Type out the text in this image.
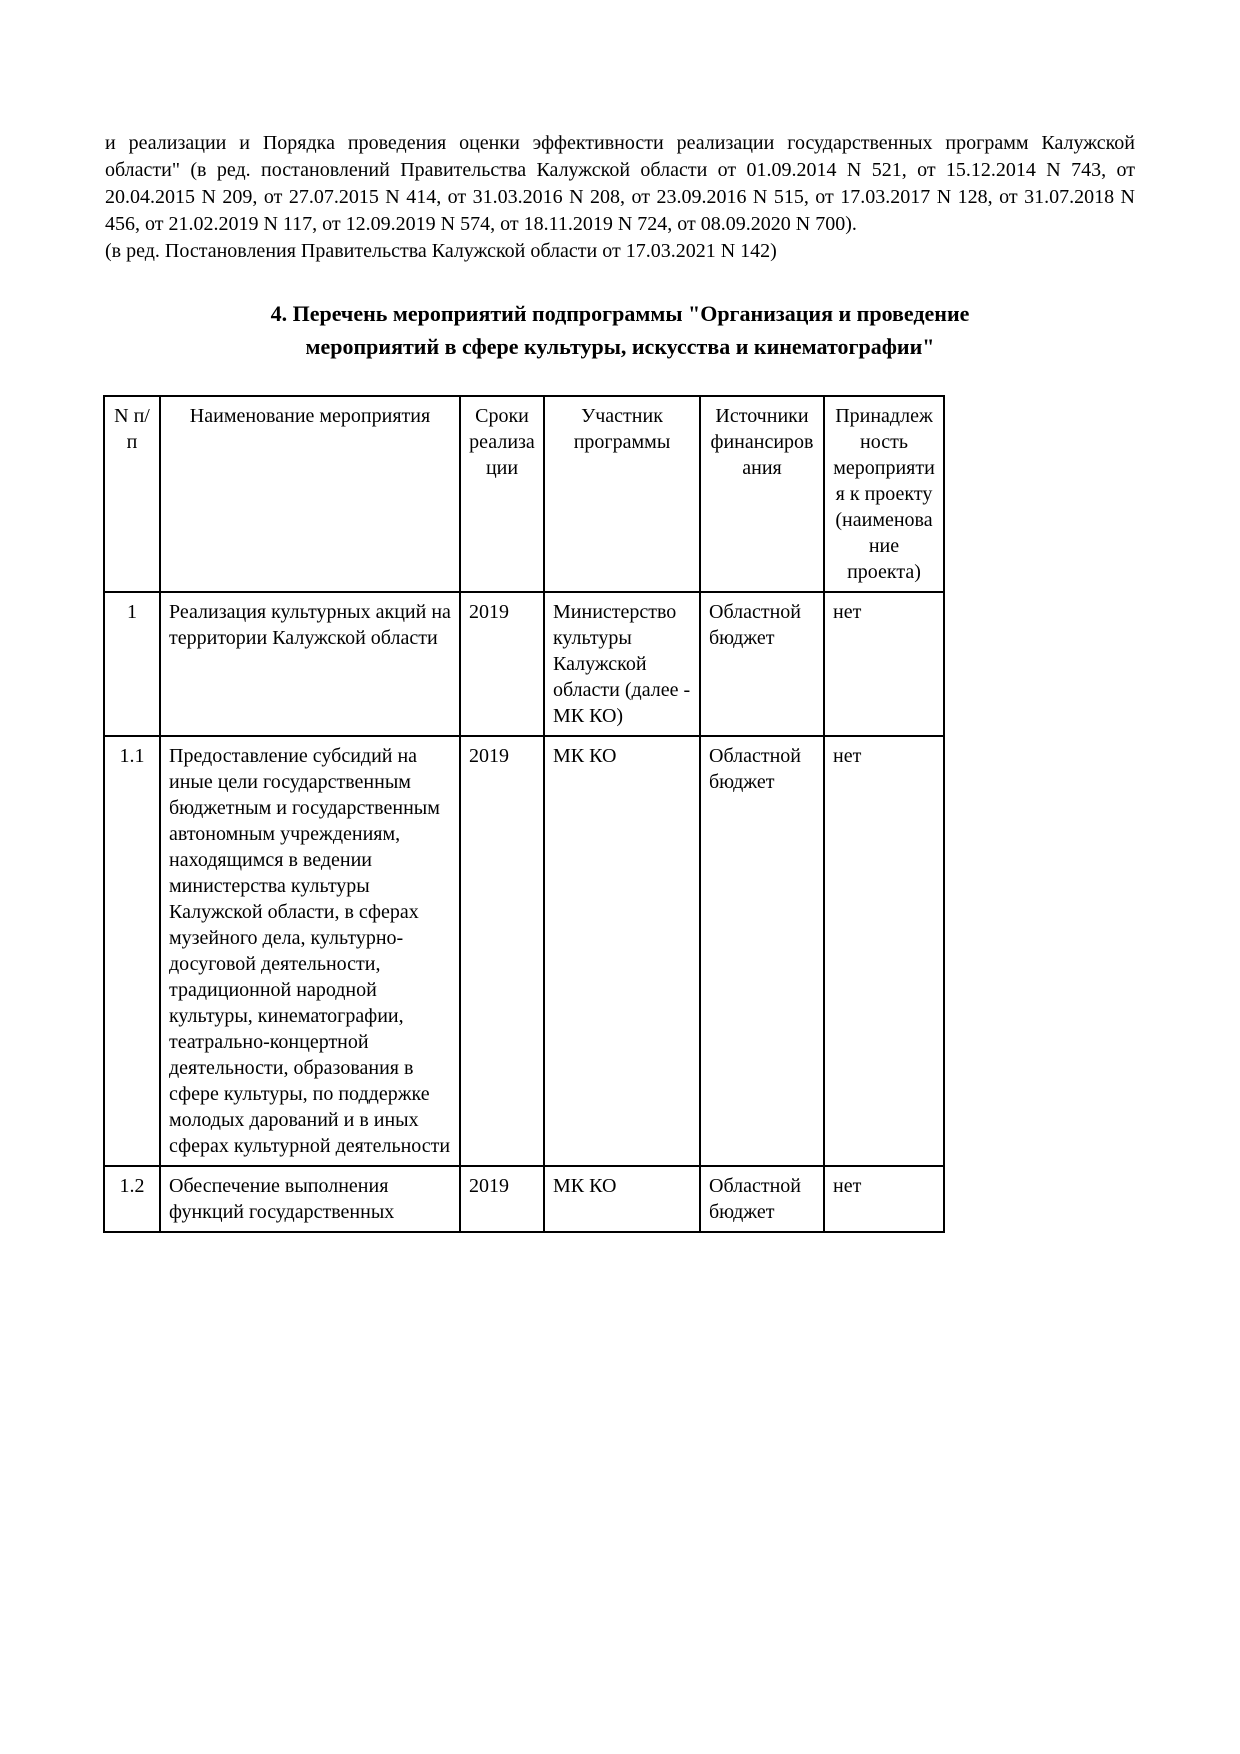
и реализации и Порядка проведения оценки эффективности реализации государственных программ Калужской области" (в ред. постановлений Правительства Калужской области от 01.09.2014 N 521, от 15.12.2014 N 743, от 20.04.2015 N 209, от 27.07.2015 N 414, от 31.03.2016 N 208, от 23.09.2016 N 515, от 17.03.2017 N 128, от 31.07.2018 N 456, от 21.02.2019 N 117, от 12.09.2019 N 574, от 18.11.2019 N 724, от 08.09.2020 N 700).

(в ред. Постановления Правительства Калужской области от 17.03.2021 N 142)

4. Перечень мероприятий подпрограммы "Организация и проведение мероприятий в сфере культуры, искусства и кинематографии"
N п/п	Наименование мероприятия	Сроки реализации	Участник программы	Источники финансирования	Принадлежность мероприятия к проекту (наименование проекта)
1	Реализация культурных акций на территории Калужской области	2019	Министерство культуры Калужской области (далее - МК КО)	Областной бюджет	нет
1.1	Предоставление субсидий на иные цели государственным бюджетным и государственным автономным учреждениям, находящимся в ведении министерства культуры Калужской области, в сферах музейного дела, культурно-досуговой деятельности, традиционной народной культуры, кинематографии, театрально-концертной деятельности, образования в сфере культуры, по поддержке молодых дарований и в иных сферах культурной деятельности	2019	МК КО	Областной бюджет	нет
1.2	Обеспечение выполнения функций государственных	2019	МК КО	Областной бюджет	нет
